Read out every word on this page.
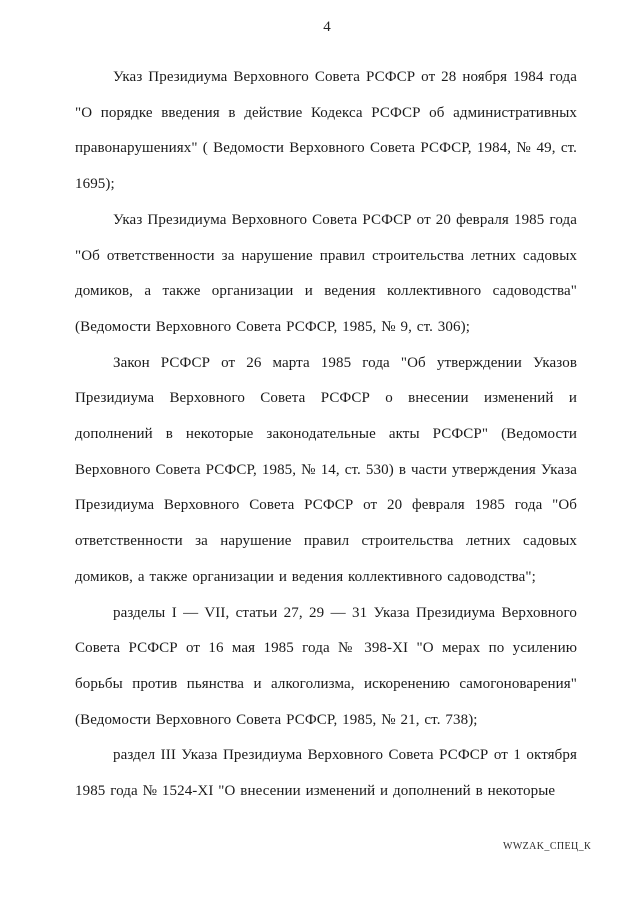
4

Указ Президиума Верховного Совета РСФСР от 28 ноября 1984 года "О порядке введения в действие Кодекса РСФСР об административных правонарушениях" ( Ведомости Верховного Совета РСФСР, 1984, № 49, ст. 1695);

Указ Президиума Верховного Совета РСФСР от 20 февраля 1985 года "Об ответственности за нарушение правил строительства летних садовых домиков, а также организации и ведения коллективного садоводства" (Ведомости Верховного Совета РСФСР, 1985, № 9, ст. 306);

Закон РСФСР от 26 марта 1985 года "Об утверждении Указов Президиума Верховного Совета РСФСР о внесении изменений и дополнений в некоторые законодательные акты РСФСР" (Ведомости Верховного Совета РСФСР, 1985, № 14, ст. 530) в части утверждения Указа Президиума Верховного Совета РСФСР от 20 февраля 1985 года "Об ответственности за нарушение правил строительства летних садовых домиков, а также организации и ведения коллективного садоводства";

разделы I — VII, статьи 27, 29 — 31 Указа Президиума Верховного Совета РСФСР от 16 мая 1985 года № 398-XI "О мерах по усилению борьбы против пьянства и алкоголизма, искоренению самогоноварения" (Ведомости Верховного Совета РСФСР, 1985, № 21, ст. 738);

раздел III Указа Президиума Верховного Совета РСФСР от 1 октября 1985 года № 1524-XI "О внесении изменений и дополнений в некоторые

WWZAK_СПЕЦ_К
